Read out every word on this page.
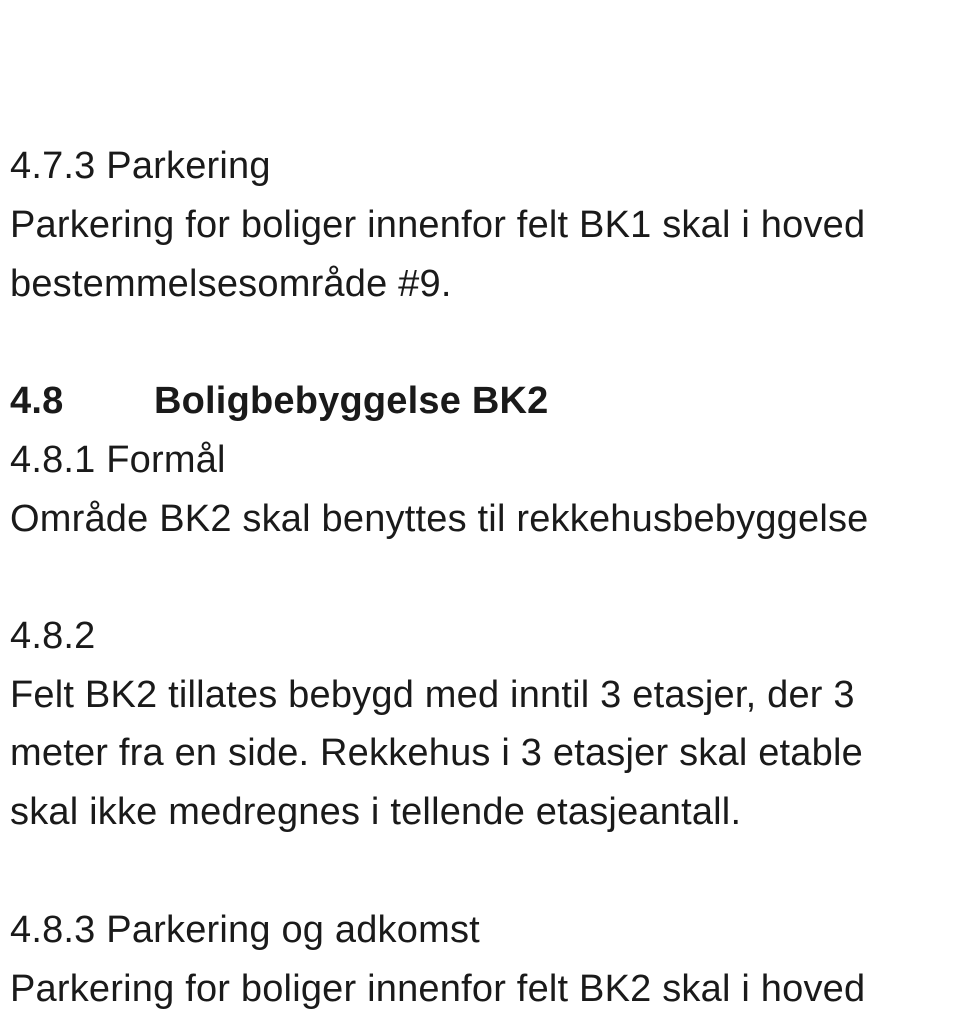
4.7.3 Parkering
Parkering for boliger innenfor felt BK1 skal i hoved
bestemmelsesområde #9.
4.8 Boligbebyggelse BK2
4.8.1 Formål
Område BK2 skal benyttes til rekkehusbebyggelse
4.8.2
Felt BK2 tillates bebygd med inntil 3 etasjer, der 3
meter fra en side. Rekkehus i 3 etasjer skal etable
skal ikke medregnes i tellende etasjeantall.
4.8.3 Parkering og adkomst
Parkering for boliger innenfor felt BK2 skal i hoved
